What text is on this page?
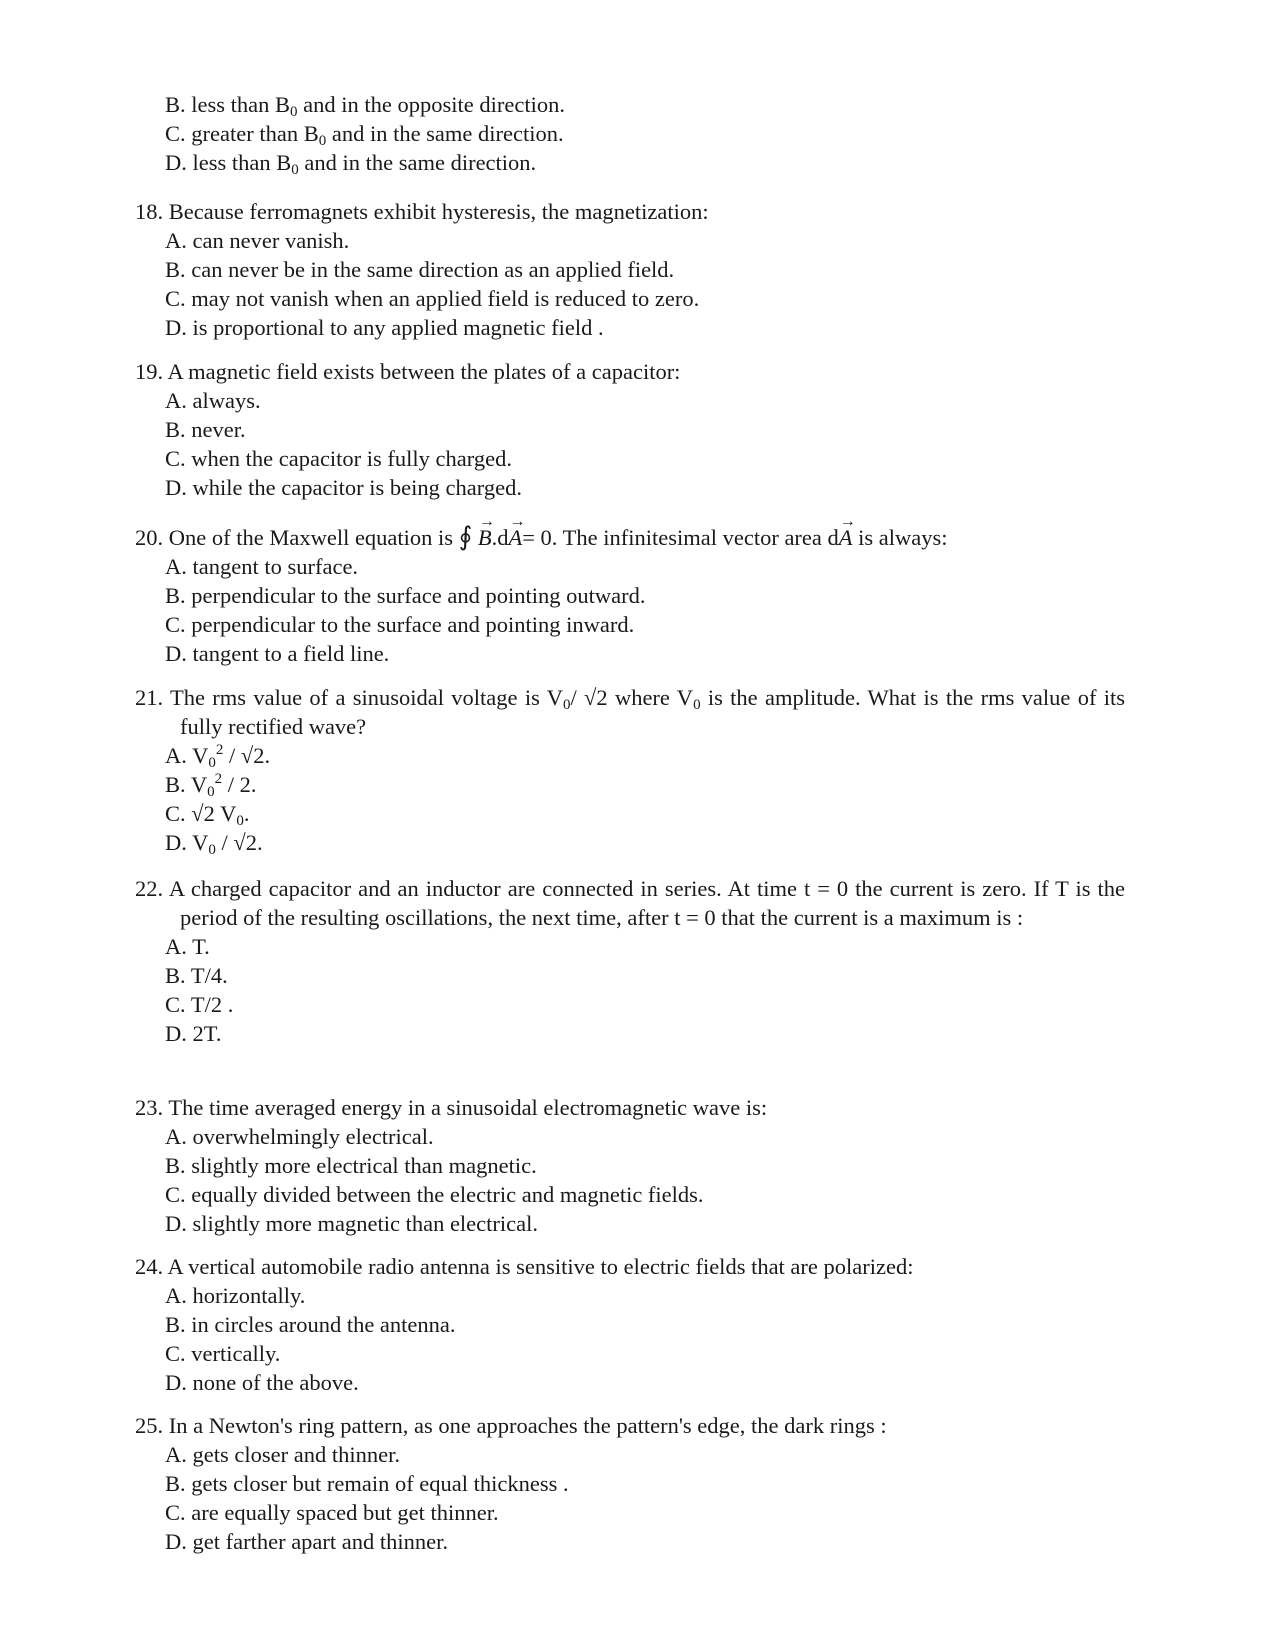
B. less than $B_0$ and in the opposite direction.

C. greater than $B_0$ and in the same direction.

D. less than $B_0$ and in the same direction.

18. Because ferromagnets exhibit hysteresis, the magnetization:

A. can never vanish.

B. can never be in the same direction as an applied field.

C. may not vanish when an applied field is reduced to zero.

D. is proportional to any applied magnetic field .

19. A magnetic field exists between the plates of a capacitor:

A. always.

B. never.

C. when the capacitor is fully charged.

D. while the capacitor is being charged.

20. One of the Maxwell equation is ∮ → B.d→ A= 0. The infinitesimal vector area d→ A is always:

A. tangent to surface.

B. perpendicular to the surface and pointing outward.

C. perpendicular to the surface and pointing inward.

D. tangent to a field line.

21. The rms value of a sinusoidal voltage is $V_0/$ √2 where $V_0$ is the amplitude. What is the rms value of its fully rectified wave?

A. $V_0^2 / √2$.

B. $V_0^2 / 2$.

C. √2 $V_0$.

D. $V_0 / √2$.

22. A charged capacitor and an inductor are connected in series. At time t = 0 the current is zero. If T is the period of the resulting oscillations, the next time, after t = 0 that the current is a maximum is :

A. T.

B. T/4.

C. T/2 .

D. 2T.

23. The time averaged energy in a sinusoidal electromagnetic wave is:

A. overwhelmingly electrical.

B. slightly more electrical than magnetic.

C. equally divided between the electric and magnetic fields.

D. slightly more magnetic than electrical.

24. A vertical automobile radio antenna is sensitive to electric fields that are polarized:

A. horizontally.

B. in circles around the antenna.

C. vertically.

D. none of the above.

25. In a Newton's ring pattern, as one approaches the pattern's edge, the dark rings :

A. gets closer and thinner.

B. gets closer but remain of equal thickness .

C. are equally spaced but get thinner.

D. get farther apart and thinner.
